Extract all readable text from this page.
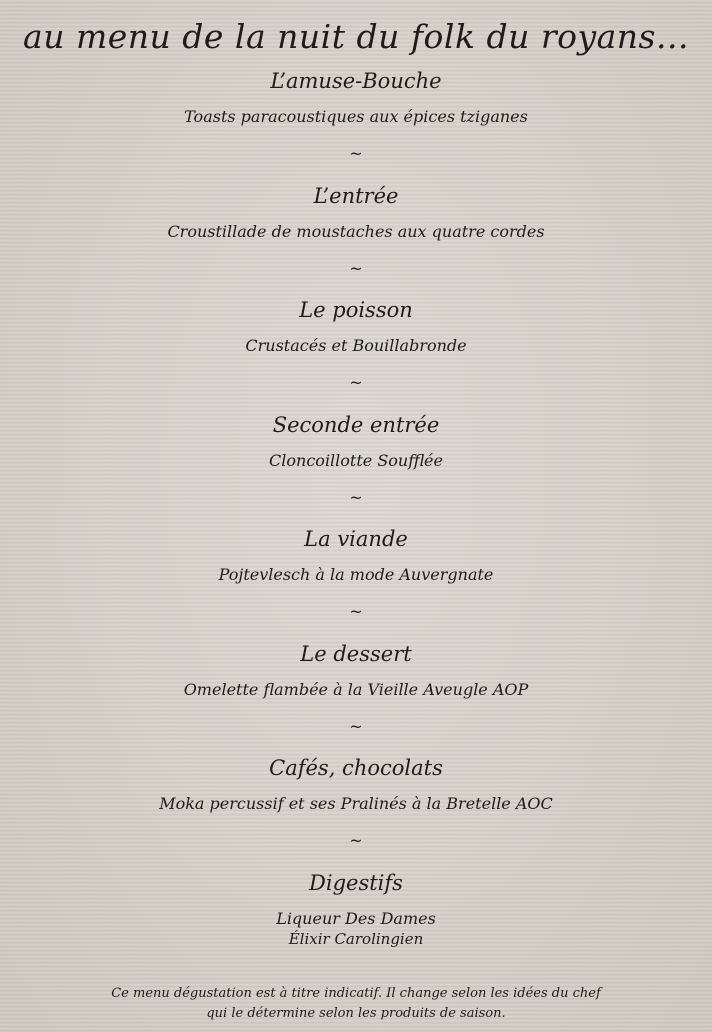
au menu de la nuit du folk du royans...
L’amuse-Bouche
Toasts paracoustiques aux épices tziganes
~
L’entrée
Croustillade de moustaches aux quatre cordes
~
Le poisson
Crustacés et Bouillabronde
~
Seconde entrée
Cloncoillotte Soufflée
~
La viande
Pojtevlesch à la mode Auvergnate
~
Le dessert
Omelette flambée à la Vieille Aveugle AOP
~
Cafés, chocolats
Moka percussif et ses Pralinés à la Bretelle AOC
~
Digestifs
Liqueur Des Dames
Élixir Carolingien
Ce menu dégustation est à titre indicatif. Il change selon les idées du chef
qui le détermine selon les produits de saison.
